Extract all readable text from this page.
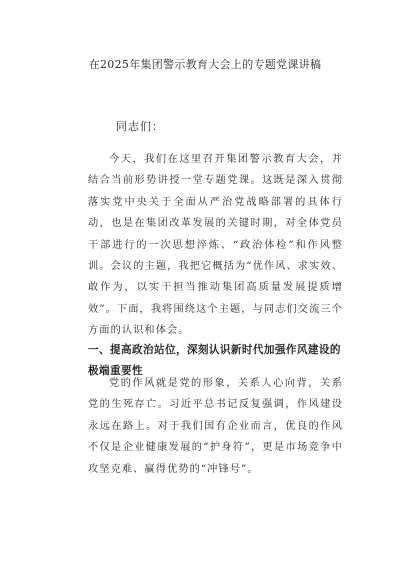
在2025年集团警示教育大会上的专题党课讲稿
同志们：
今天，我们在这里召开集团警示教育大会，并结合当前形势讲授一堂专题党课。这既是深入贯彻落实党中央关于全面从严治党战略部署的具体行动，也是在集团改革发展的关键时期，对全体党员干部进行的一次思想淬炼、“政治体检”和作风整训。会议的主题，我把它概括为“优作风、求实效、敢作为，以实干担当推动集团高质量发展提质增效”。下面，我将围绕这个主题，与同志们交流三个方面的认识和体会。
一、提高政治站位，深刻认识新时代加强作风建设的
极端重要性
党的作风就是党的形象，关系人心向背，关系党的生死存亡。习近平总书记反复强调，作风建设永远在路上。对于我们国有企业而言，优良的作风不仅是企业健康发展的“护身符”，更是市场竞争中攻坚克难、赢得优势的“冲锋号”。
